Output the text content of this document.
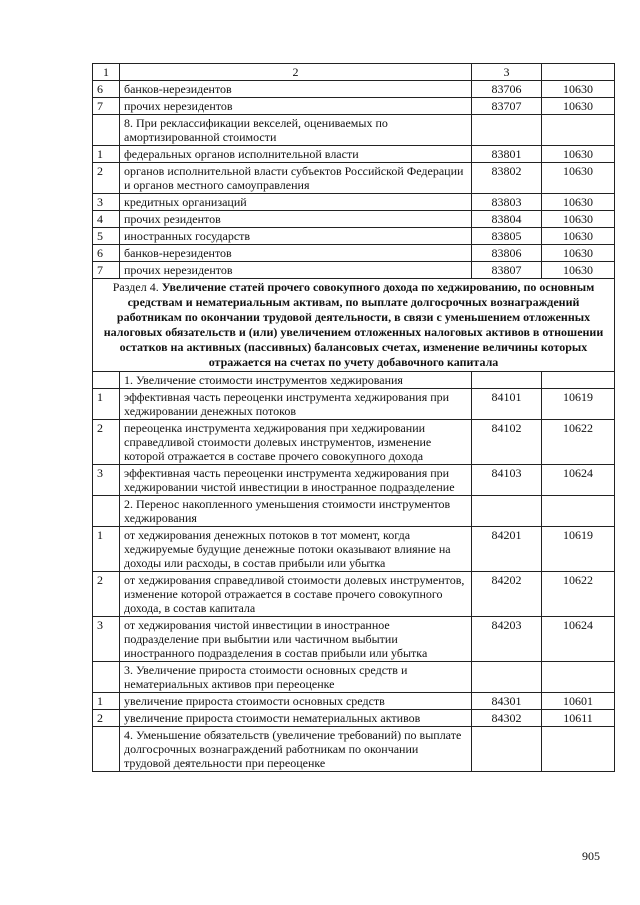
1	2	3	
6	банков-нерезидентов	83706	10630
7	прочих нерезидентов	83707	10630
	8. При реклассификации векселей, оцениваемых по амортизированной стоимости		
1	федеральных органов исполнительной власти	83801	10630
2	органов исполнительной власти субъектов Российской Федерации и органов местного самоуправления	83802	10630
3	кредитных организаций	83803	10630
4	прочих резидентов	83804	10630
5	иностранных государств	83805	10630
6	банков-нерезидентов	83806	10630
7	прочих нерезидентов	83807	10630
Раздел 4. Увеличение статей прочего совокупного дохода по хеджированию, по основным средствам и нематериальным активам, по выплате долгосрочных вознаграждений работникам по окончании трудовой деятельности, в связи с уменьшением отложенных налоговых обязательств и (или) увеличением отложенных налоговых активов в отношении остатков на активных (пассивных) балансовых счетах, изменение величины которых отражается на счетах по учету добавочного капитала			
	1. Увеличение стоимости инструментов хеджирования		
1	эффективная часть переоценки инструмента хеджирования при хеджировании денежных потоков	84101	10619
2	переоценка инструмента хеджирования при хеджировании справедливой стоимости долевых инструментов, изменение которой отражается в составе прочего совокупного дохода	84102	10622
3	эффективная часть переоценки инструмента хеджирования при хеджировании чистой инвестиции в иностранное подразделение	84103	10624
	2. Перенос накопленного уменьшения стоимости инструментов хеджирования		
1	от хеджирования денежных потоков в тот момент, когда хеджируемые будущие денежные потоки оказывают влияние на доходы или расходы, в состав прибыли или убытка	84201	10619
2	от хеджирования справедливой стоимости долевых инструментов, изменение которой отражается в составе прочего совокупного дохода, в состав капитала	84202	10622
3	от хеджирования чистой инвестиции в иностранное подразделение при выбытии или частичном выбытии иностранного подразделения в состав прибыли или убытка	84203	10624
	3. Увеличение прироста стоимости основных средств и нематериальных активов при переоценке		
1	увеличение прироста стоимости основных средств	84301	10601
2	увеличение прироста стоимости нематериальных активов	84302	10611
	4. Уменьшение обязательств (увеличение требований) по выплате долгосрочных вознаграждений работникам по окончании трудовой деятельности при переоценке		
905
